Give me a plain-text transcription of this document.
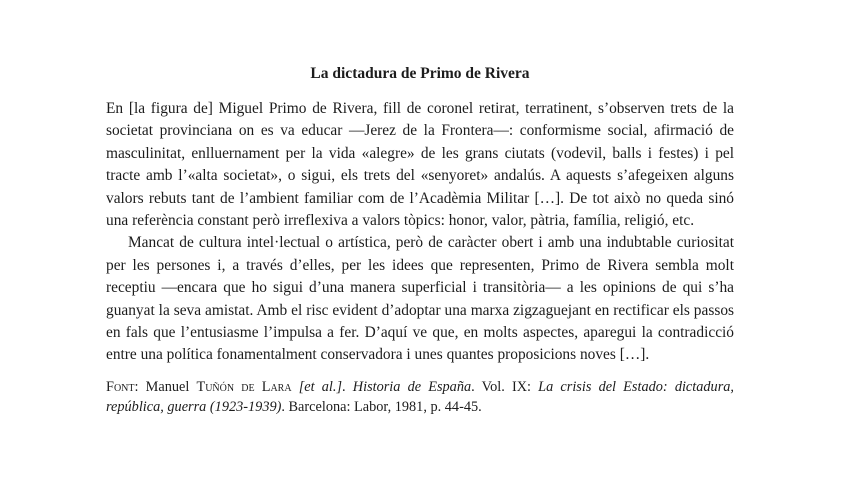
La dictadura de Primo de Rivera

En [la figura de] Miguel Primo de Rivera, fill de coronel retirat, terratinent, s’observen trets de la societat provinciana on es va educar —Jerez de la Frontera—: conformisme social, afirmació de masculinitat, enlluernament per la vida «alegre» de les grans ciutats (vodevil, balls i festes) i pel tracte amb l’«alta societat», o sigui, els trets del «senyoret» andalús. A aquests s’afegeixen alguns valors rebuts tant de l’ambient familiar com de l’Acadèmia Militar […]. De tot això no queda sinó una referència constant però irreflexiva a valors tòpics: honor, valor, pàtria, família, religió, etc.

Mancat de cultura intel·lectual o artística, però de caràcter obert i amb una indubtable curiositat per les persones i, a través d’elles, per les idees que representen, Primo de Rivera sembla molt receptiu —encara que ho sigui d’una manera superficial i transitòria— a les opinions de qui s’ha guanyat la seva amistat. Amb el risc evident d’adoptar una marxa zigzaguejant en rectificar els passos en fals que l’entusiasme l’impulsa a fer. D’aquí ve que, en molts aspectes, aparegui la contradicció entre una política fonamentalment conservadora i unes quantes proposicions noves […].

Font: Manuel Tuñón de Lara [et al.]. Historia de España. Vol. IX: La crisis del Estado: dictadura, república, guerra (1923-1939). Barcelona: Labor, 1981, p. 44-45.
